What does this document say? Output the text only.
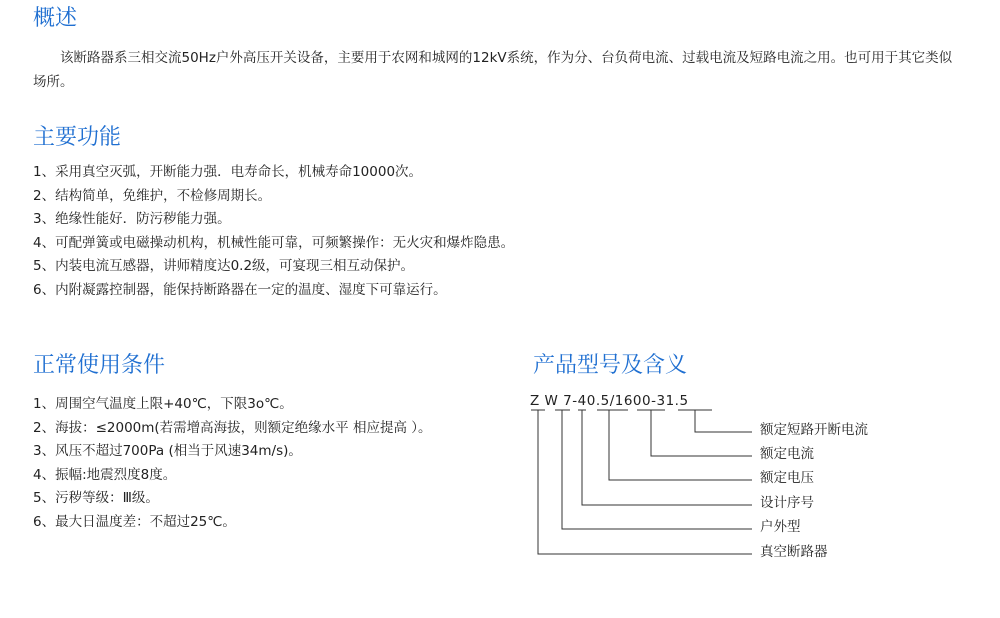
概述
该断路器系三相交流50Hz户外高压开关设备，主要用于农网和城网的12kV系统，作为分、台负荷电流、过载电流及短路电流之用。也可用于其它类似场所。
主要功能
1、采用真空灭弧，开断能力强．电寿命长，机械寿命10000次。
2、结构简单，免维护，不检修周期长。
3、绝缘性能好．防污秽能力强。
4、可配弹簧或电磁操动机构，机械性能可靠，可频繁操作：无火灾和爆炸隐患。
5、内装电流互感器，讲师精度达0.2级，可宴现三相互动保护。
6、内附凝露控制器，能保持断路器在一定的温度、湿度下可靠运行。
正常使用条件
1、周围空气温度上限+40℃，下限3o℃。
2、海拔：≤2000m(若需增高海拔，则额定绝缘水平 相应提高 ）。
3、风压不超过700Pa (相当于风速34m/s)。
4、振幅:地震烈度8度。
5、污秽等级：Ⅲ级。
6、最大日温度差：不超过25℃。
产品型号及含义
Z W 7-40.5/1600-31.5
额定短路开断电流
额定电流
额定电压
设计序号
户外型
真空断路器
